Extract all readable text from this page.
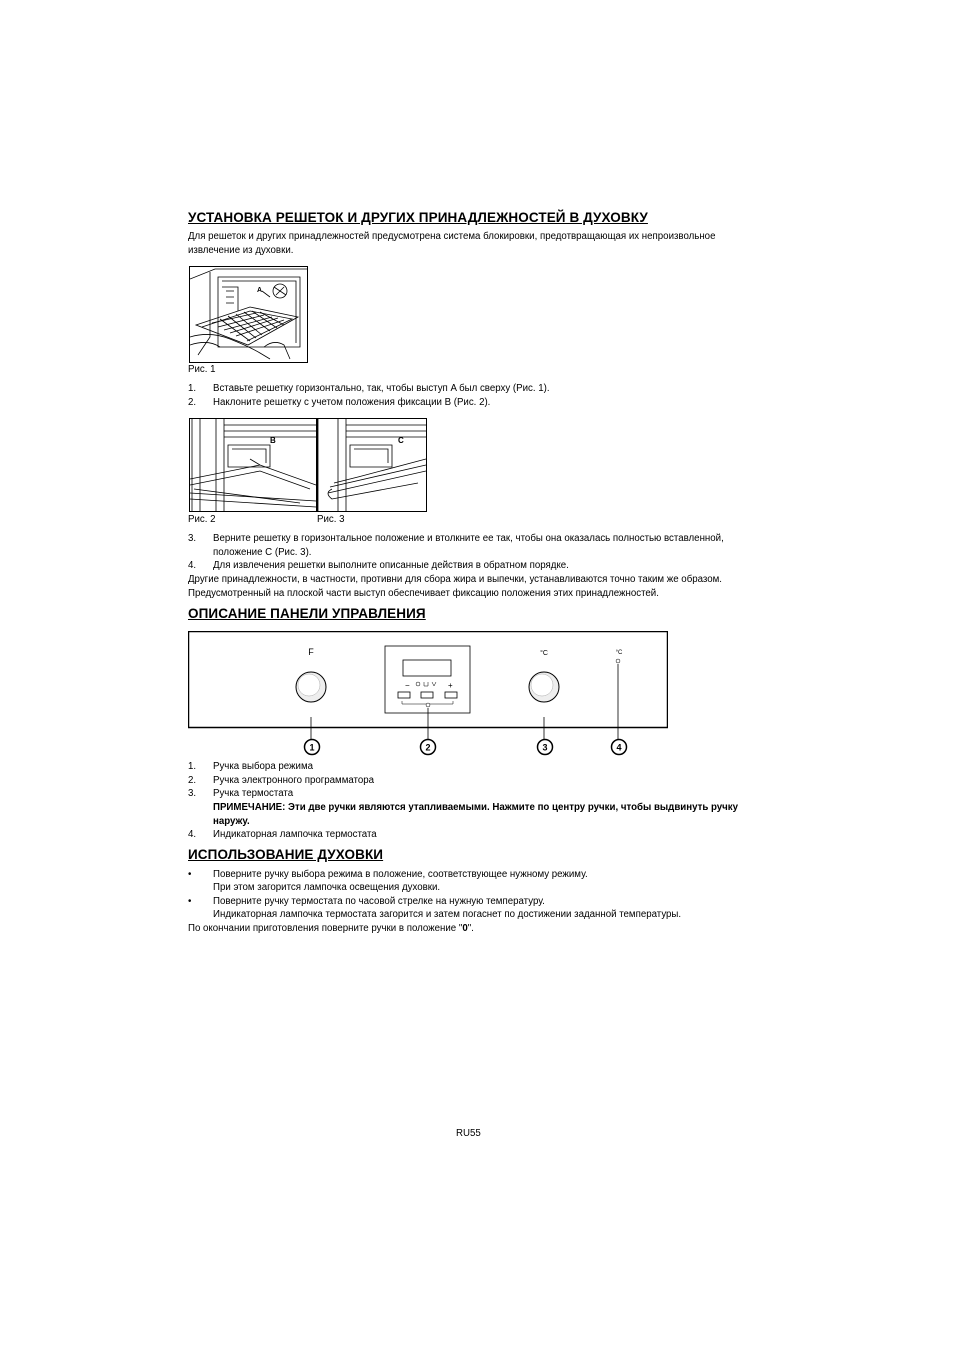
УСТАНОВКА РЕШЕТОК И ДРУГИХ ПРИНАДЛЕЖНОСТЕЙ В ДУХОВКУ
Для решеток и других принадлежностей предусмотрена система блокировки, предотвращающая их непроизвольное
извлечение из духовки.
A
Рис. 1
1. Вставьте решетку горизонтально, так, чтобы выступ A был сверху (Рис. 1).
2. Наклоните решетку с учетом положения фиксации B (Рис. 2).
B	C
Рис. 2	Рис. 3
3. Верните решетку в горизонтальное положение и втолкните ее так, чтобы она оказалась полностью вставленной,
положение C (Рис. 3).
4. Для извлечения решетки выполните описанные действия в обратном порядке.
Другие принадлежности, в частности, противни для сбора жира и выпечки, устанавливаются точно таким же образом.
Предусмотренный на плоской части выступ обеспечивает фиксацию положения этих принадлежностей.
ОПИСАНИЕ ПАНЕЛИ УПРАВЛЕНИЯ
F
−	+
°C	°C
1	2	3	4
1. Ручка выбора режима
2. Ручка электронного программатора
3. Ручка термостата
ПРИМЕЧАНИЕ: Эти две ручки являются утапливаемыми. Нажмите по центру ручки, чтобы выдвинуть ручку
наружу.
4. Индикаторная лампочка термостата
ИСПОЛЬЗОВАНИЕ ДУХОВКИ
• Поверните ручку выбора режима в положение, соответствующее нужному режиму.
При этом загорится лампочка освещения духовки.
• Поверните ручку термостата по часовой стрелке на нужную температуру.
Индикаторная лампочка термостата загорится и затем погаснет по достижении заданной температуры.
По окончании приготовления поверните ручки в положение "0".
RU55
